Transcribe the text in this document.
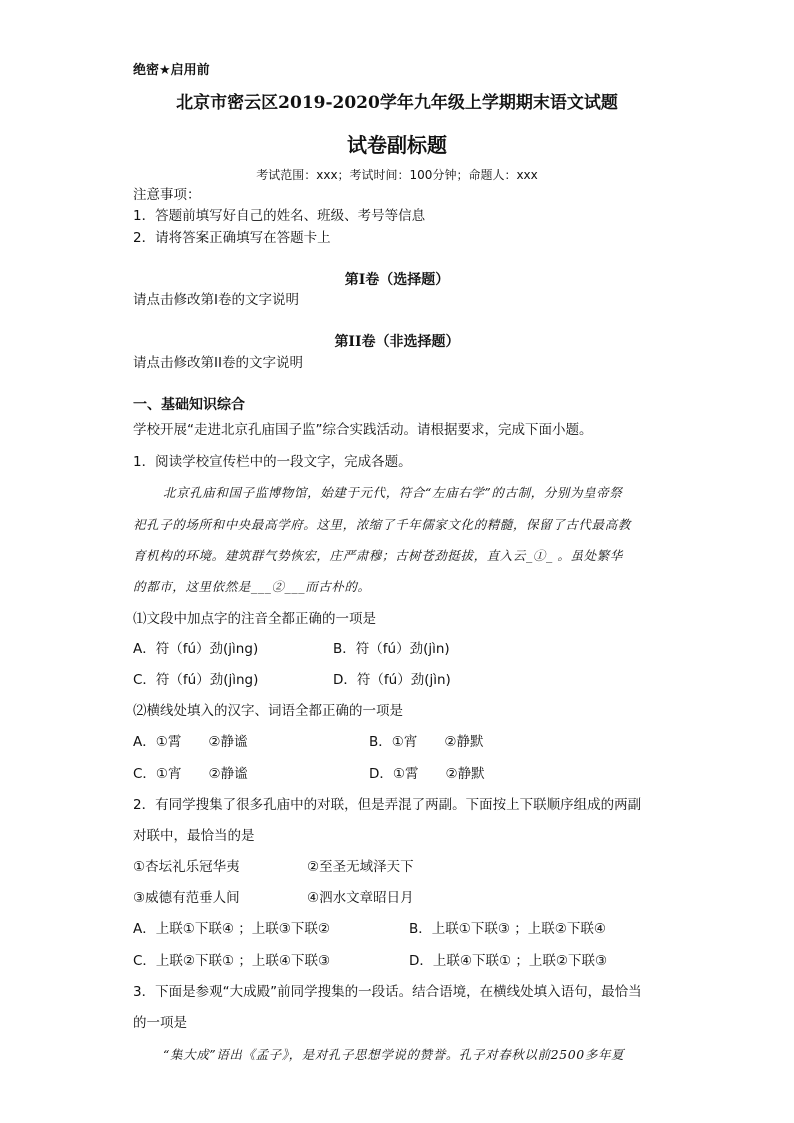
绝密★启用前
北京市密云区2019-2020学年九年级上学期期末语文试题
试卷副标题
考试范围：xxx；考试时间：100分钟；命题人：xxx
注意事项：
1．答题前填写好自己的姓名、班级、考号等信息
2．请将答案正确填写在答题卡上
第I卷（选择题）
请点击修改第I卷的文字说明
第II卷（非选择题）
请点击修改第II卷的文字说明
一、基础知识综合
学校开展“走进北京孔庙国子监”综合实践活动。请根据要求，完成下面小题。
1．阅读学校宣传栏中的一段文字，完成各题。
北京孔庙和国子监博物馆，始建于元代，符合“左庙右学”的古制，分别为皇帝祭
祀孔子的场所和中央最高学府。这里，浓缩了千年儒家文化的精髓，保留了古代最高教
育机构的环境。建筑群气势恢宏，庄严肃穆；古树苍劲挺拔，直入云_①_ 。虽处繁华
的都市，这里依然是___②___而古朴的。
⑴文段中加点字的注音全都正确的一项是
A．符（fú）劲(jìng)	B．符（fú）劲(jìn)
C．符（fú）劲(jìng)	D．符（fú）劲(jìn)
⑵横线处填入的汉字、词语全都正确的一项是
A．①霄　　②静谧	B．①宵　　②静默
C．①宵　　②静谧	D．①霄　　②静默
2．有同学搜集了很多孔庙中的对联，但是弄混了两副。下面按上下联顺序组成的两副
对联中，最恰当的是
①杏坛礼乐冠华夷	②至圣无域泽天下
③威德有范垂人间	④泗水文章昭日月
A．上联①下联④ ；上联③下联②	B．上联①下联③ ；上联②下联④
C．上联②下联① ；上联④下联③	D．上联④下联① ；上联②下联③
3．下面是参观“大成殿”前同学搜集的一段话。结合语境，在横线处填入语句，最恰当
的一项是
“集大成”语出《孟子》，是对孔子思想学说的赞誉。孔子对春秋以前2500多年夏
